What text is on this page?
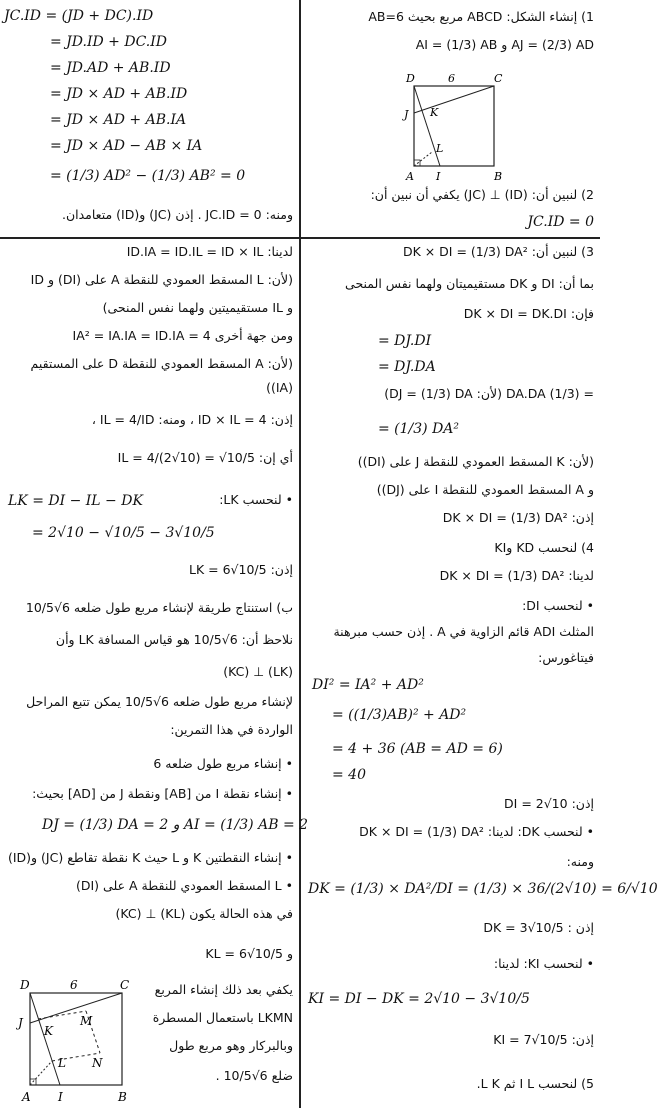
1) إنشاء الشكل: ABCD مربع بحيث AB=6
AJ = (2/3) AD و AI = (1/3) AB
2) لنبين أن: (ID) ⊥ (JC) يكفي أن نبين أن:
JC.ID = 0
D	6	C
J K
L
A I	B
JC.ID = (JD + DC).ID
= JD.ID + DC.ID
= JD.AD + AB.ID
= JD × AD + AB.ID
= JD × AD + AB.IA
= JD × AD − AB × IA
= (1/3) AD² − (1/3) AB² = 0
ومنه: JC.ID = 0 . إذن (JC) و(ID) متعامدان.
3) لنبين أن: DK × DI = (1/3) DA²
بما أن: DI و DK مستقيميتان ولهما نفس المنحى
فإن: DK × DI = DK.DI
= DJ.DI
= DJ.DA
= (1/3) DA.DA (لأن: DJ = (1/3) DA)
= (1/3) DA²
(لأن: K المسقط العمودي للنقطة J على (DI))
و A المسقط العمودي للنقطة I على (DJ))
إذن: DK × DI = (1/3) DA²
4) لنحسب KD وKI
لدينا: DK × DI = (1/3) DA²
• لنحسب DI:
المثلث ADI قائم الزاوية في A . إذن حسب مبرهنة
فيتاغورس:
DI² = IA² + AD²
= ((1/3)AB)² + AD²
= 4 + 36 (AB = AD = 6)
= 40
إذن: DI = 2√10
• لنحسب DK: لدينا: DK × DI = (1/3) DA²
ومنه:
DK = (1/3) × DA²/DI = (1/3) × 36/(2√10) = 6/√10
إذن : DK = 3√10/5
• لنحسب KI: لدينا:
KI = DI − DK = 2√10 − 3√10/5
إذن: KI = 7√10/5
5) لنحسب I L ثم L K.
لدينا: ID.IA = ID.IL = ID × IL
(لأن: L المسقط العمودي للنقطة A على (DI) و ID
و IL مستقيميتين ولهما نفس المنحى)
ومن جهة أخرى 4 = IA² = IA.IA = ID.IA
(لأن: A المسقط العمودي للنقطة D على المستقيم
(IA))
إذن: ID × IL = 4 ، ومنه: IL = 4/ID ،
أي إن: IL = 4/(2√10) = √10/5
• لنحسب LK:
LK = DI − IL − DK
= 2√10 − √10/5 − 3√10/5
إذن: LK = 6√10/5
ب) استنتاج طريقة لإنشاء مربع طول ضلعه 6√10/5
نلاحظ أن: 6√10/5 هو قياس المسافة LK وأن
(LK) ⊥ (KC)
لإنشاء مربع طول ضلعه 6√10/5 يمكن تتبع المراحل
الواردة في هذا التمرين:
• إنشاء مربع طول ضلعه 6
• إنشاء نقطة I من [AB] ونقطة J من [AD] بحيث:
DJ = (1/3) DA = 2 و AI = (1/3) AB = 2
• إنشاء النقطتين K و L حيث K نقطة تقاطع (JC) و(ID)
• L المسقط العمودي للنقطة A على (DI)
في هذه الحالة يكون (KL) ⊥ (KC)
و KL = 6√10/5
يكفي بعد ذلك إنشاء المربع
LKMN باستعمال المسطرة
وبالبركار وهو مربع طول
ضلع 6√10/5 .
D	6	C
J
K
M
L N
A I	B
